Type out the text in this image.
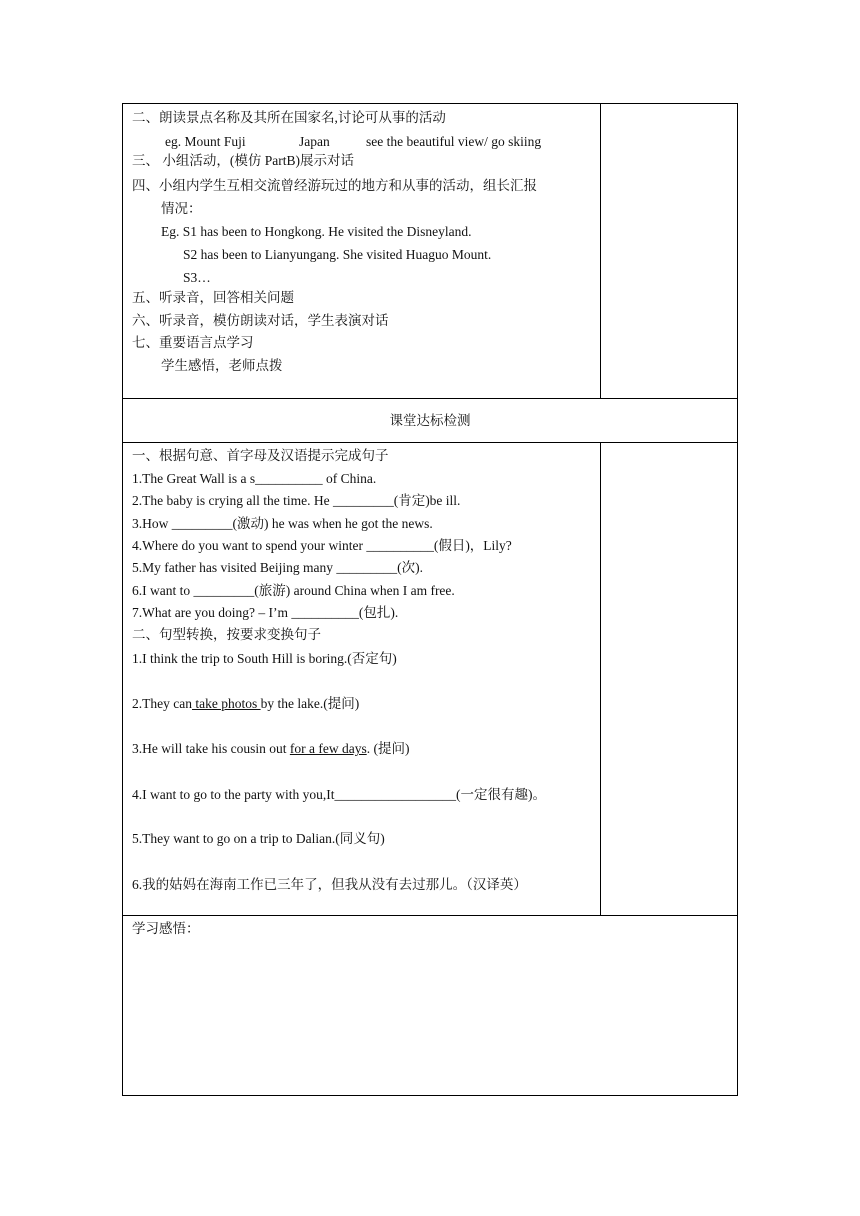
二、朗读景点名称及其所在国家名,讨论可从事的活动
eg. Mount Fuji	Japan	see the beautiful view/ go skiing
三、 小组活动，(模仿 PartB)展示对话
四、小组内学生互相交流曾经游玩过的地方和从事的活动，组长汇报
情况：
Eg. S1 has been to Hongkong. He visited the Disneyland.
S2 has been to Lianyungang. She visited Huaguo Mount.
S3…
五、听录音，回答相关问题
六、听录音，模仿朗读对话，学生表演对话
七、重要语言点学习
学生感悟，老师点拨
课堂达标检测
一、根据句意、首字母及汉语提示完成句子
1.The Great Wall is a s__________ of China.
2.The baby is crying all the time. He _________(肯定)be ill.
3.How _________(激动) he was when he got the news.
4.Where do you want to spend your winter __________(假日)，Lily?
5.My father has visited Beijing many _________(次).
6.I want to _________(旅游) around China when I am free.
7.What are you doing? – I’m __________(包扎).
二、句型转换，按要求变换句子
1.I think the trip to South Hill is boring.(否定句)
2.They can take photos by the lake.(提问)
3.He will take his cousin out for a few days. (提问)
4.I want to go to the party with you,It__________________(一定很有趣)。
5.They want to go on a trip to Dalian.(同义句)
6.我的姑妈在海南工作已三年了，但我从没有去过那儿。（汉译英）
学习感悟：
